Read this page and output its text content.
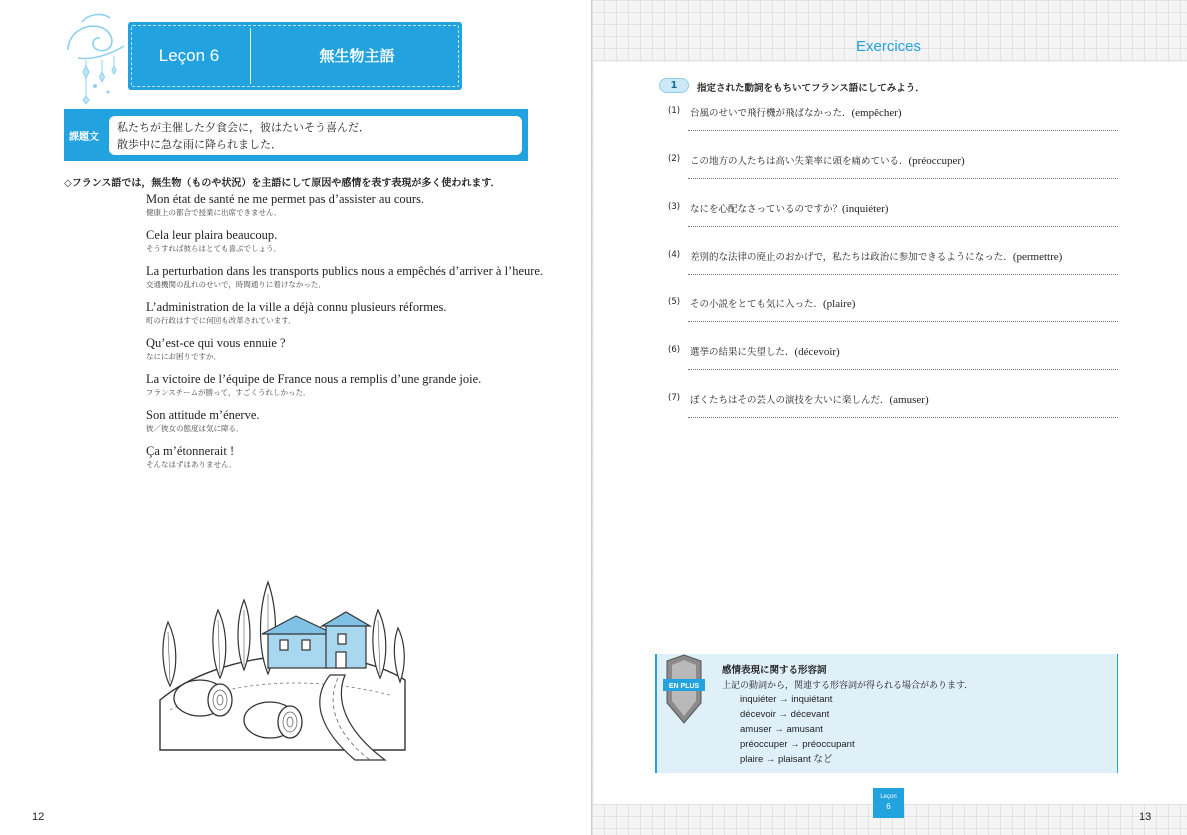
Leçon 6	無生物主語
課題文
私たちが主催した夕食会に，彼はたいそう喜んだ．
散歩中に急な雨に降られました．
◇フランス語では，無生物（ものや状況）を主語にして原因や感情を表す表現が多く使われます．
Mon état de santé ne me permet pas d’assister au cours.
健康上の都合で授業に出席できません．
Cela leur plaira beaucoup.
そうすれば彼らはとても喜ぶでしょう．
La perturbation dans les transports publics nous a empêchés d’arriver à l’heure.
交通機関の乱れのせいで，時間通りに着けなかった．
L’administration de la ville a déjà connu plusieurs réformes.
町の行政はすでに何回も改革されています．
Qu’est-ce qui vous ennuie ?
なににお困りですか．
La victoire de l’équipe de France nous a remplis d’une grande joie.
フランスチームが勝って，すごくうれしかった．
Son attitude m’énerve.
彼／彼女の態度は気に障る．
Ça m’étonnerait !
そんなはずはありません．
12
Exercices
1	指定された動詞をもちいてフランス語にしてみよう．
(1) 台風のせいで飛行機が飛ばなかった．(empêcher)
(2) この地方の人たちは高い失業率に頭を痛めている．(préoccuper)
(3) なにを心配なさっているのですか？(inquiéter)
(4) 差別的な法律の廃止のおかげで，私たちは政治に参加できるようになった．(permettre)
(5) その小説をとても気に入った．(plaire)
(6) 選挙の結果に失望した．(décevoir)
(7) ぼくたちはその芸人の演技を大いに楽しんだ．(amuser)
EN PLUS
感情表現に関する形容詞
上記の動詞から，関連する形容詞が得られる場合があります．
inquiéter → inquiétant
décevoir → décevant
amuser → amusant
préoccuper → préoccupant
plaire → plaisant など
Leçon
6
13
